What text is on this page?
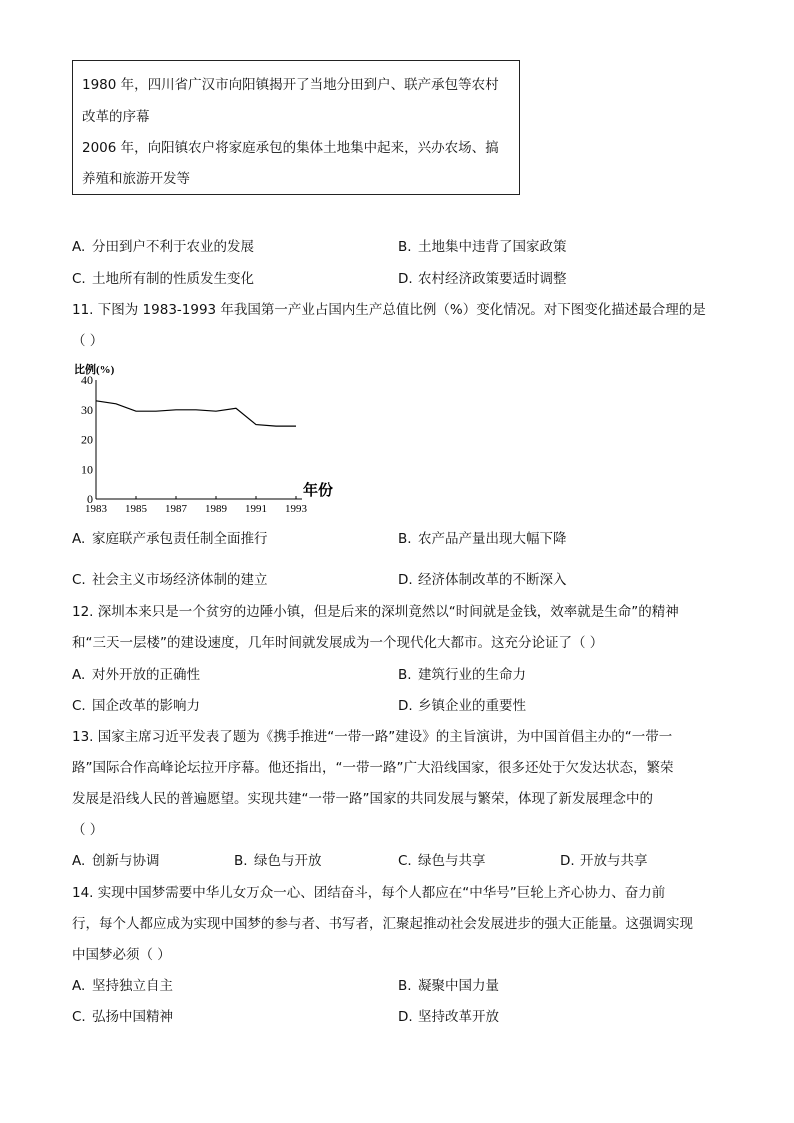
1980 年，四川省广汉市向阳镇揭开了当地分田到户、联产承包等农村
改革的序幕
2006 年，向阳镇农户将家庭承包的集体土地集中起来，兴办农场、搞
养殖和旅游开发等
A. 分田到户不利于农业的发展	B. 土地集中违背了国家政策
C. 土地所有制的性质发生变化	D. 农村经济政策要适时调整
11. 下图为 1983-1993 年我国第一产业占国内生产总值比例（%）变化情况。对下图变化描述最合理的是
（ ）
比例(%)
0
10
20
30
40
1983 1985 1987 1989 1991 1993
年份
A. 家庭联产承包责任制全面推行	B. 农产品产量出现大幅下降
C. 社会主义市场经济体制的建立	D. 经济体制改革的不断深入
12. 深圳本来只是一个贫穷的边陲小镇，但是后来的深圳竟然以“时间就是金钱，效率就是生命”的精神
和“三天一层楼”的建设速度，几年时间就发展成为一个现代化大都市。这充分论证了（ ）
A. 对外开放的正确性	B. 建筑行业的生命力
C. 国企改革的影响力	D. 乡镇企业的重要性
13. 国家主席习近平发表了题为《携手推进“一带一路”建设》的主旨演讲，为中国首倡主办的“一带一
路”国际合作高峰论坛拉开序幕。他还指出，“一带一路”广大沿线国家，很多还处于欠发达状态，繁荣
发展是沿线人民的普遍愿望。实现共建“一带一路”国家的共同发展与繁荣，体现了新发展理念中的
（ ）
A. 创新与协调	B. 绿色与开放	C. 绿色与共享	D. 开放与共享
14. 实现中国梦需要中华儿女万众一心、团结奋斗，每个人都应在“中华号”巨轮上齐心协力、奋力前
行，每个人都应成为实现中国梦的参与者、书写者，汇聚起推动社会发展进步的强大正能量。这强调实现
中国梦必须（ ）
A. 坚持独立自主	B. 凝聚中国力量
C. 弘扬中国精神	D. 坚持改革开放
